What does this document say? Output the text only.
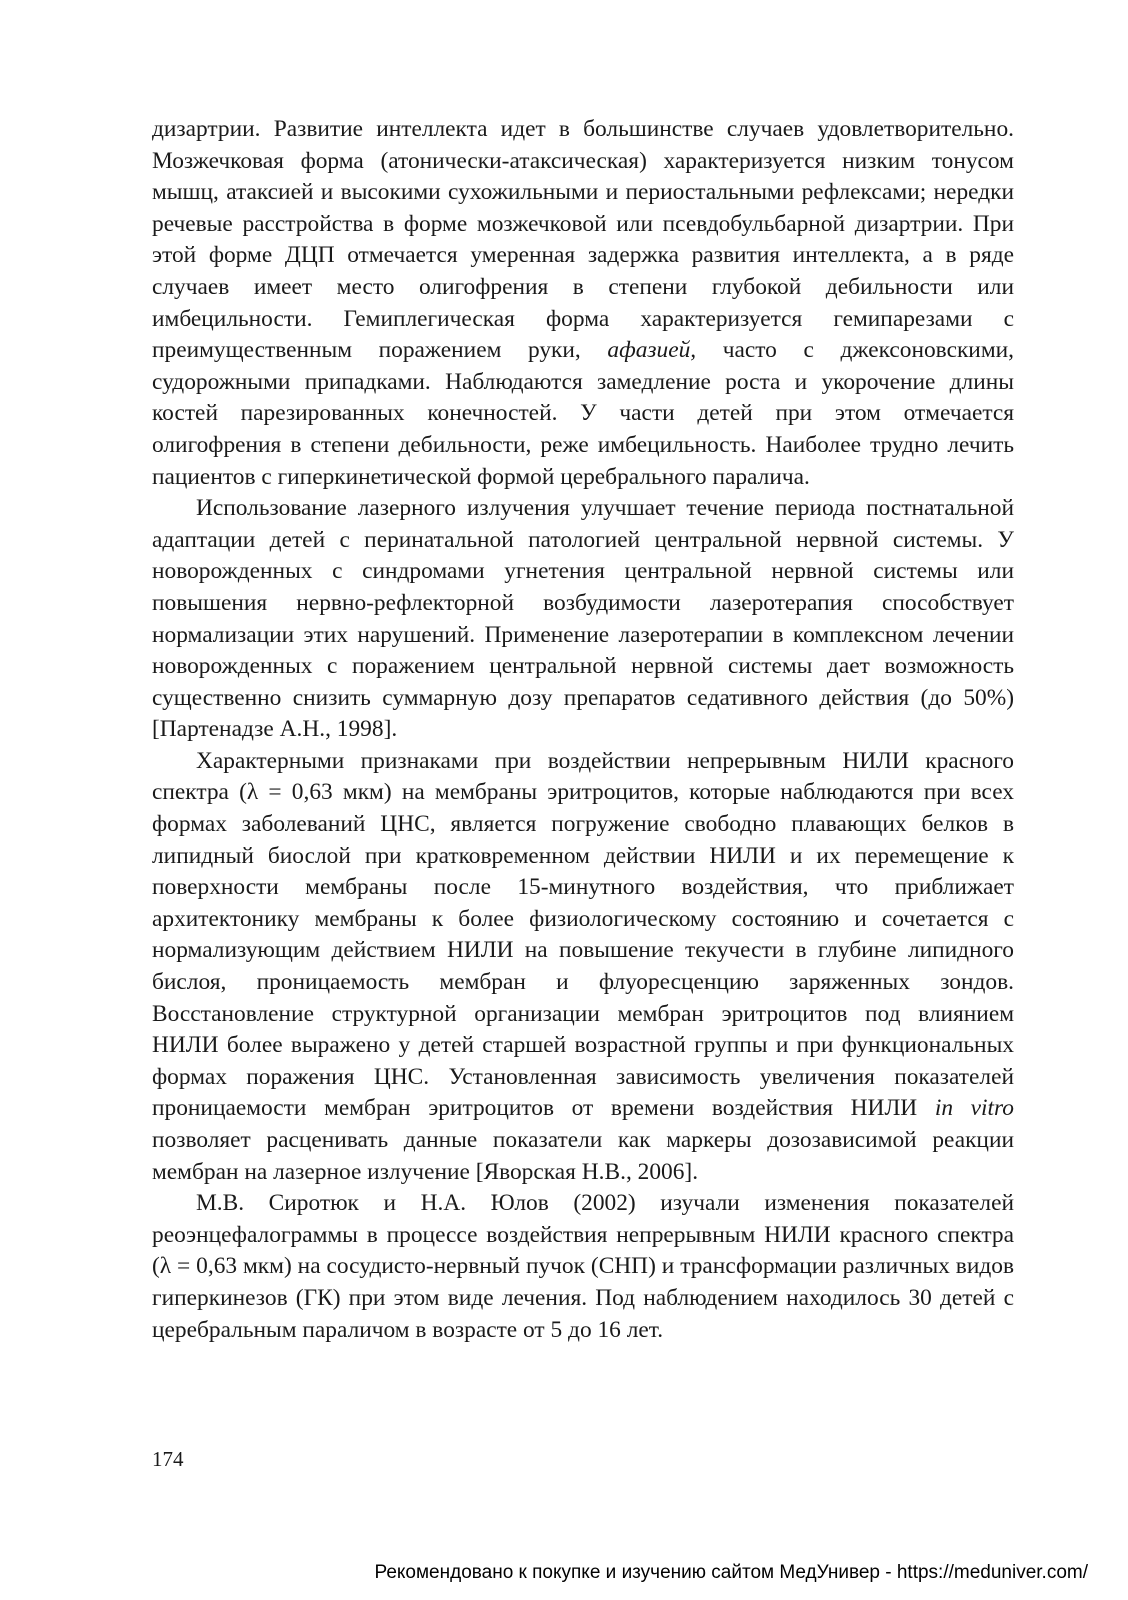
дизартрии. Развитие интеллекта идет в большинстве случаев удовлетворительно. Мозжечковая форма (атонически-атаксическая) характеризуется низким тонусом мышц, атаксией и высокими сухожильными и периостальными рефлексами; нередки речевые расстройства в форме мозжечковой или псевдобульбарной дизартрии. При этой форме ДЦП отмечается умеренная задержка развития интеллекта, а в ряде случаев имеет место олигофрения в степени глубокой дебильности или имбецильности. Гемиплегическая форма характеризуется гемипарезами с преимущественным поражением руки, афазией, часто с джексоновскими, судорожными припадками. Наблюдаются замедление роста и укорочение длины костей парезированных конечностей. У части детей при этом отмечается олигофрения в степени дебильности, реже имбецильность. Наиболее трудно лечить пациентов с гиперкинетической формой церебрального паралича.

Использование лазерного излучения улучшает течение периода постнатальной адаптации детей с перинатальной патологией центральной нервной системы. У новорожденных с синдромами угнетения центральной нервной системы или повышения нервно-рефлекторной возбудимости лазеротерапия способствует нормализации этих нарушений. Применение лазеротерапии в комплексном лечении новорожденных с поражением центральной нервной системы дает возможность существенно снизить суммарную дозу препаратов седативного действия (до 50%) [Партенадзе А.Н., 1998].

Характерными признаками при воздействии непрерывным НИЛИ красного спектра (λ = 0,63 мкм) на мембраны эритроцитов, которые наблюдаются при всех формах заболеваний ЦНС, является погружение свободно плавающих белков в липидный биослой при кратковременном действии НИЛИ и их перемещение к поверхности мембраны после 15-минутного воздействия, что приближает архитектонику мембраны к более физиологическому состоянию и сочетается с нормализующим действием НИЛИ на повышение текучести в глубине липидного бислоя, проницаемость мембран и флуоресценцию заряженных зондов. Восстановление структурной организации мембран эритроцитов под влиянием НИЛИ более выражено у детей старшей возрастной группы и при функциональных формах поражения ЦНС. Установленная зависимость увеличения показателей проницаемости мембран эритроцитов от времени воздействия НИЛИ in vitro позволяет расценивать данные показатели как маркеры дозозависимой реакции мембран на лазерное излучение [Яворская Н.В., 2006].

М.В. Сиротюк и Н.А. Юлов (2002) изучали изменения показателей реоэнцефалограммы в процессе воздействия непрерывным НИЛИ красного спектра (λ = 0,63 мкм) на сосудисто-нервный пучок (СНП) и трансформации различных видов гиперкинезов (ГК) при этом виде лечения. Под наблюдением находилось 30 детей с церебральным параличом в возрасте от 5 до 16 лет.

174
Рекомендовано к покупке и изучению сайтом МедУнивер - https://meduniver.com/
